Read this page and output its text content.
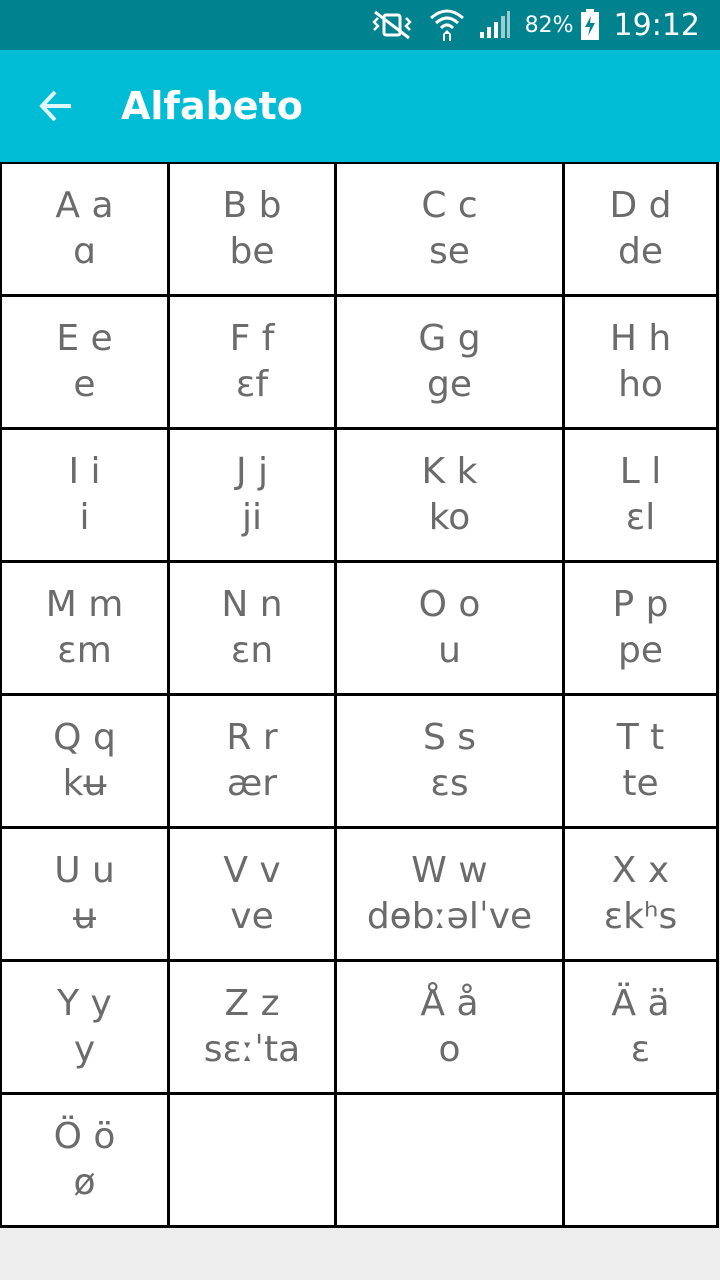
82% 19:12
Alfabeto
A a
ɑ
B b
be
C c
se
D d
de
E e
e
F f
ɛf
G g
ge
H h
ho
I i
i
J j
ji
K k
ko
L l
ɛl
M m
ɛm
N n
ɛn
O o
u
P p
pe
Q q
kʉ
R r
ær
S s
ɛs
T t
te
U u
ʉ
V v
ve
W w
dɵbːəlˈve
X x
ɛkʰs
Y y
y
Z z
sɛːˈta
Å å
o
Ä ä
ɛ
Ö ö
ø
